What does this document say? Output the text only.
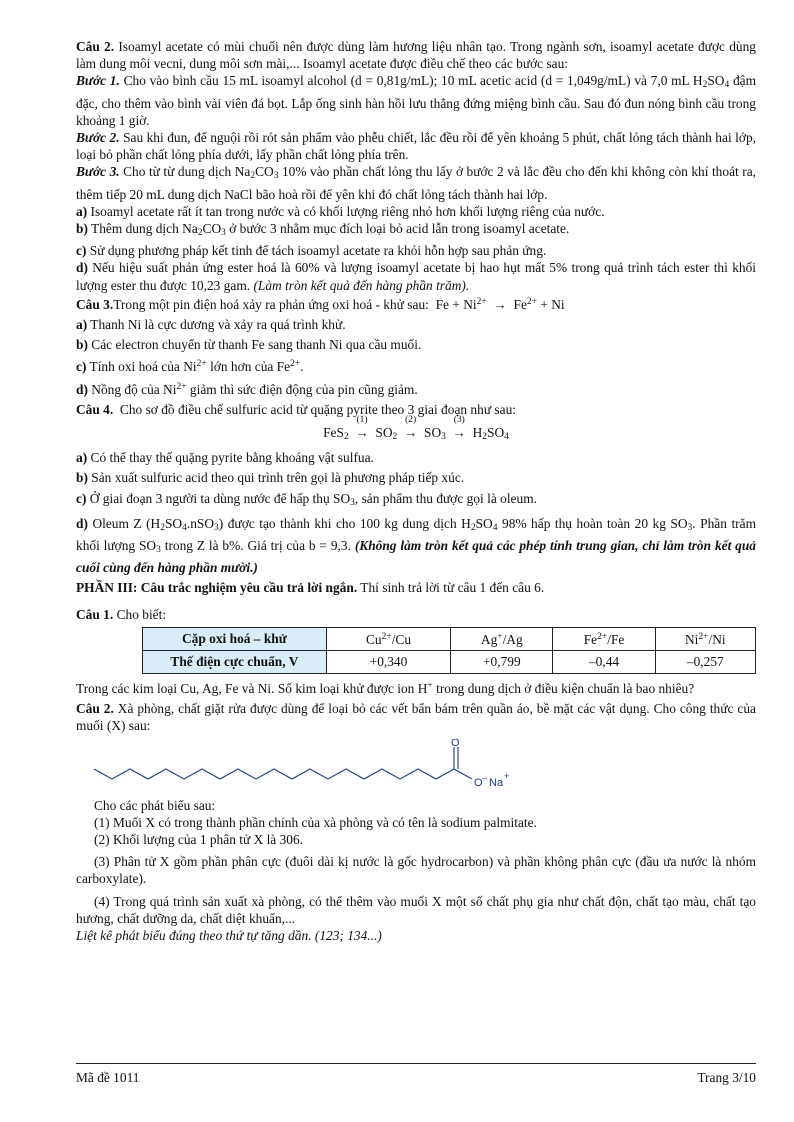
Câu 2. Isoamyl acetate có mùi chuối nên được dùng làm hương liệu nhân tạo. Trong ngành sơn, isoamyl acetate được dùng làm dung môi vecni, dung môi sơn mài,... Isoamyl acetate được điều chế theo các bước sau:

Bước 1. Cho vào bình cầu 15 mL isoamyl alcohol (d = 0,81g/mL); 10 mL acetic acid (d = 1,049g/mL) và 7,0 mL $H_2SO_4$ đậm đặc, cho thêm vào bình vài viên đá bọt. Lắp ống sinh hàn hồi lưu thẳng đứng miệng bình cầu. Sau đó đun nóng bình cầu trong khoảng 1 giờ.

Bước 2. Sau khi đun, để nguội rồi rót sản phẩm vào phễu chiết, lắc đều rồi để yên khoảng 5 phút, chất lỏng tách thành hai lớp, loại bỏ phần chất lỏng phía dưới, lấy phần chất lỏng phía trên.

Bước 3. Cho từ từ dung dịch $Na_2CO_3$ 10% vào phần chất lỏng thu lấy ở bước 2 và lắc đều cho đến khi không còn khí thoát ra, thêm tiếp 20 mL dung dịch NaCl bão hoà rồi để yên khi đó chất lỏng tách thành hai lớp.

a) Isoamyl acetate rất ít tan trong nước và có khối lượng riêng nhỏ hơn khối lượng riêng của nước.

b) Thêm dung dịch $Na_2CO_3$ ở bước 3 nhằm mục đích loại bỏ acid lẫn trong isoamyl acetate.

c) Sử dụng phương pháp kết tinh để tách isoamyl acetate ra khỏi hỗn hợp sau phản ứng.

d) Nếu hiệu suất phản ứng ester hoá là 60% và lượng isoamyl acetate bị hao hụt mất 5% trong quá trình tách ester thì khối lượng ester thu được 10,23 gam. (Làm tròn kết quả đến hàng phần trăm).

Câu 3.Trong một pin điện hoá xảy ra phản ứng oxi hoá - khử sau: $Fe + Ni^{2+} \to Fe^{2+} + Ni$

a) Thanh Ni là cực dương và xảy ra quá trình khử.

b) Các electron chuyển từ thanh Fe sang thanh Ni qua cầu muối.

c) Tính oxi hoá của $Ni^{2+}$ lớn hơn của $Fe^{2+}$.

d) Nồng độ của $Ni^{2+}$ giảm thì sức điện động của pin cũng giảm.

Câu 4. Cho sơ đồ điều chế sulfuric acid từ quặng pyrite theo 3 giai đoạn như sau:

FeS$_2$
(1)
→ $SO_2$
(2)
→ $SO_3$
(3)
→ $H_2SO_4$

a) Có thể thay thế quặng pyrite bằng khoáng vật sulfua.

b) Sản xuất sulfuric acid theo qui trình trên gọi là phương pháp tiếp xúc.

c) Ở giai đoạn 3 người ta dùng nước để hấp thụ $SO_3$, sản phẩm thu được gọi là oleum.

d) Oleum Z $(H_2SO_4.nSO_3)$ được tạo thành khi cho 100 kg dung dịch $H_2SO_4$ 98% hấp thụ hoàn toàn 20 kg $SO_3$. Phần trăm khối lượng $SO_3$ trong Z là b%. Giá trị của b = 9,3. (Không làm tròn kết quả các phép tính trung gian, chỉ làm tròn kết quả cuối cùng đến hàng phần mười.)

PHẦN III: Câu trắc nghiệm yêu cầu trả lời ngắn. Thí sinh trả lời từ câu 1 đến câu 6.

Câu 1. Cho biết:

Cặp oxi hoá – khử	$Cu^{2+}/Cu$	Ag+/Ag	$Fe^{2+}/Fe$	$Ni^{2+}/Ni$
Thế điện cực chuẩn, V	+0,340	+0,799	–0,44	–0,257

Trong các kim loại Cu, Ag, Fe và Ni. Số kim loại khử được ion H+ trong dung dịch ở điều kiện chuẩn là bao nhiêu?

Câu 2. Xà phòng, chất giặt rửa được dùng để loại bỏ các vết bẩn bám trên quần áo, bề mặt các vật dụng. Cho công thức của muối (X) sau:

O
O – Na
+

Cho các phát biểu sau:

(1) Muối X có trong thành phần chính của xà phòng và có tên là sodium palmitate.

(2) Khối lượng của 1 phân tử X là 306.

(3) Phân tử X gồm phần phân cực (đuôi dài kị nước là gốc hydrocarbon) và phần không phân cực (đầu ưa nước là nhóm carboxylate).

(4) Trong quá trình sản xuất xà phòng, có thể thêm vào muối X một số chất phụ gia như chất độn, chất tạo màu, chất tạo hương, chất dưỡng da, chất diệt khuẩn,...

Liệt kê phát biểu đúng theo thứ tự tăng dần. (123; 134...)

Mã đề 1011	Trang 3/10
